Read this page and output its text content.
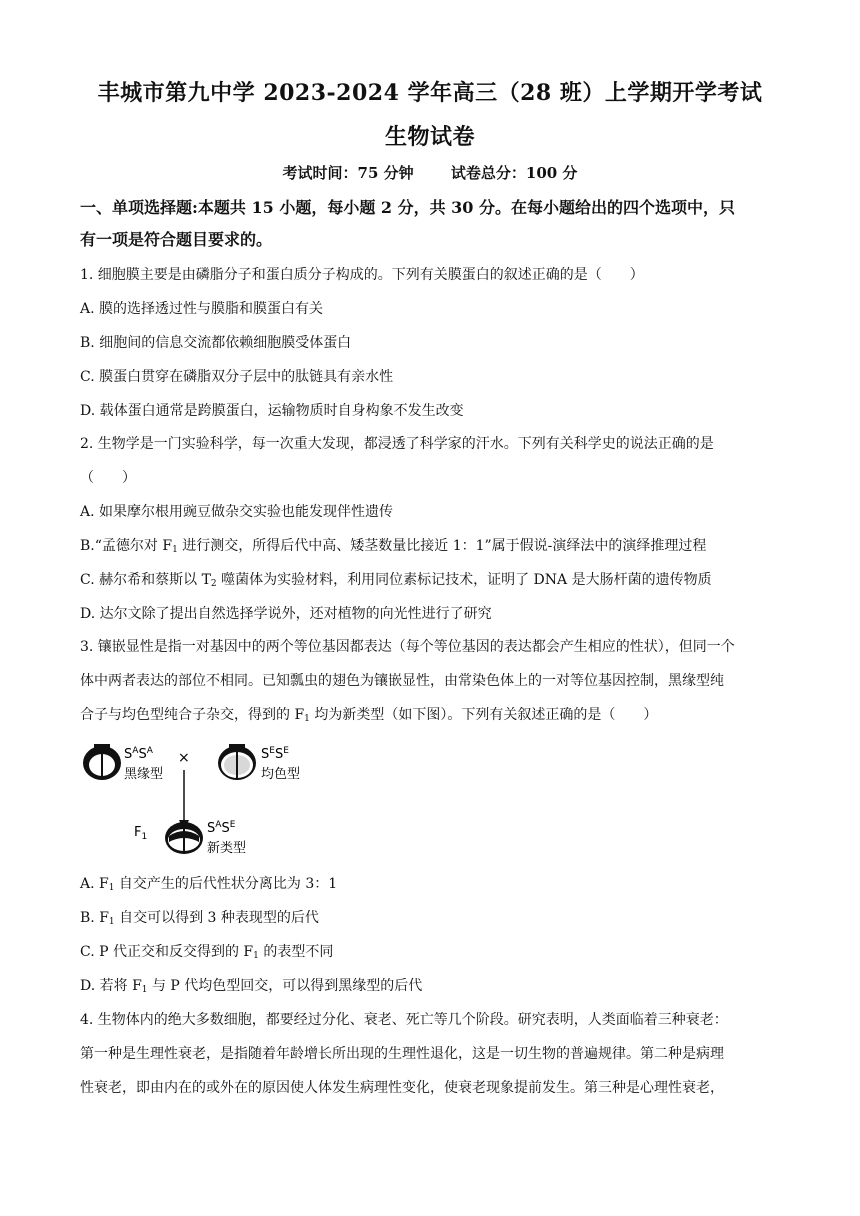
丰城市第九中学 2023-2024 学年高三（28 班）上学期开学考试
生物试卷
考试时间：75 分钟 试卷总分：100 分
一、单项选择题:本题共 15 小题，每小题 2 分，共 30 分。在每小题给出的四个选项中，只
有一项是符合题目要求的。
1. 细胞膜主要是由磷脂分子和蛋白质分子构成的。下列有关膜蛋白的叙述正确的是（　　）
A. 膜的选择透过性与膜脂和膜蛋白有关
B. 细胞间的信息交流都依赖细胞膜受体蛋白
C. 膜蛋白贯穿在磷脂双分子层中的肽链具有亲水性
D. 载体蛋白通常是跨膜蛋白，运输物质时自身构象不发生改变
2. 生物学是一门实验科学，每一次重大发现，都浸透了科学家的汗水。下列有关科学史的说法正确的是
（　　）
A. 如果摩尔根用豌豆做杂交实验也能发现伴性遗传
B.“孟德尔对 $F_1$ 进行测交，所得后代中高、矮茎数量比接近 1：1”属于假说-演绎法中的演绎推理过程
C. 赫尔希和蔡斯以 $T_2$ 噬菌体为实验材料，利用同位素标记技术，证明了 DNA 是大肠杆菌的遗传物质
D. 达尔文除了提出自然选择学说外，还对植物的向光性进行了研究
3. 镶嵌显性是指一对基因中的两个等位基因都表达（每个等位基因的表达都会产生相应的性状），但同一个
体中两者表达的部位不相同。已知瓢虫的翅色为镶嵌显性，由常染色体上的一对等位基因控制，黑缘型纯
合子与均色型纯合子杂交，得到的 $F_1$ 均为新类型（如下图）。下列有关叙述正确的是（　　）
$S^AS^A$
黑缘型
×	$S^ES^E$
均色型
$F_1$
$S^AS^E$
新类型
A. $F_1$ 自交产生的后代性状分离比为 3：1
B. $F_1$ 自交可以得到 3 种表现型的后代
C. P 代正交和反交得到的 $F_1$ 的表型不同
D. 若将 $F_1$ 与 P 代均色型回交，可以得到黑缘型的后代
4. 生物体内的绝大多数细胞，都要经过分化、衰老、死亡等几个阶段。研究表明，人类面临着三种衰老：
第一种是生理性衰老，是指随着年龄增长所出现的生理性退化，这是一切生物的普遍规律。第二种是病理
性衰老，即由内在的或外在的原因使人体发生病理性变化，使衰老现象提前发生。第三种是心理性衰老，
